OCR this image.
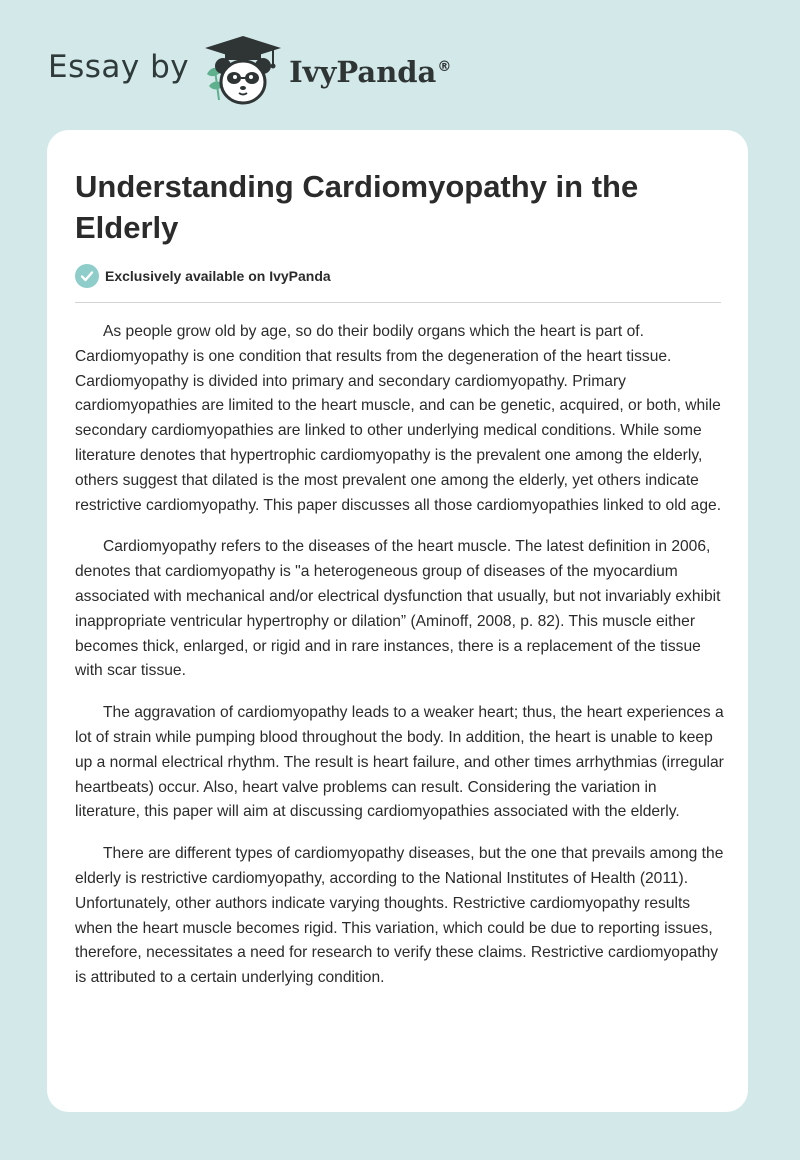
Essay by	IvyPanda®
Understanding Cardiomyopathy in the Elderly
Exclusively available on IvyPanda

As people grow old by age, so do their bodily organs which the heart is part of. Cardiomyopathy is one condition that results from the degeneration of the heart tissue. Cardiomyopathy is divided into primary and secondary cardiomyopathy. Primary cardiomyopathies are limited to the heart muscle, and can be genetic, acquired, or both, while secondary cardiomyopathies are linked to other underlying medical conditions. While some literature denotes that hypertrophic cardiomyopathy is the prevalent one among the elderly, others suggest that dilated is the most prevalent one among the elderly, yet others indicate restrictive cardiomyopathy. This paper discusses all those cardiomyopathies linked to old age.

Cardiomyopathy refers to the diseases of the heart muscle. The latest definition in 2006, denotes that cardiomyopathy is "a heterogeneous group of diseases of the myocardium associated with mechanical and/or electrical dysfunction that usually, but not invariably exhibit inappropriate ventricular hypertrophy or dilation” (Aminoff, 2008, p. 82). This muscle either becomes thick, enlarged, or rigid and in rare instances, there is a replacement of the tissue with scar tissue.

The aggravation of cardiomyopathy leads to a weaker heart; thus, the heart experiences a lot of strain while pumping blood throughout the body. In addition, the heart is unable to keep up a normal electrical rhythm. The result is heart failure, and other times arrhythmias (irregular heartbeats) occur. Also, heart valve problems can result. Considering the variation in literature, this paper will aim at discussing cardiomyopathies associated with the elderly.

There are different types of cardiomyopathy diseases, but the one that prevails among the elderly is restrictive cardiomyopathy, according to the National Institutes of Health (2011). Unfortunately, other authors indicate varying thoughts. Restrictive cardiomyopathy results when the heart muscle becomes rigid. This variation, which could be due to reporting issues, therefore, necessitates a need for research to verify these claims. Restrictive cardiomyopathy is attributed to a certain underlying condition.
